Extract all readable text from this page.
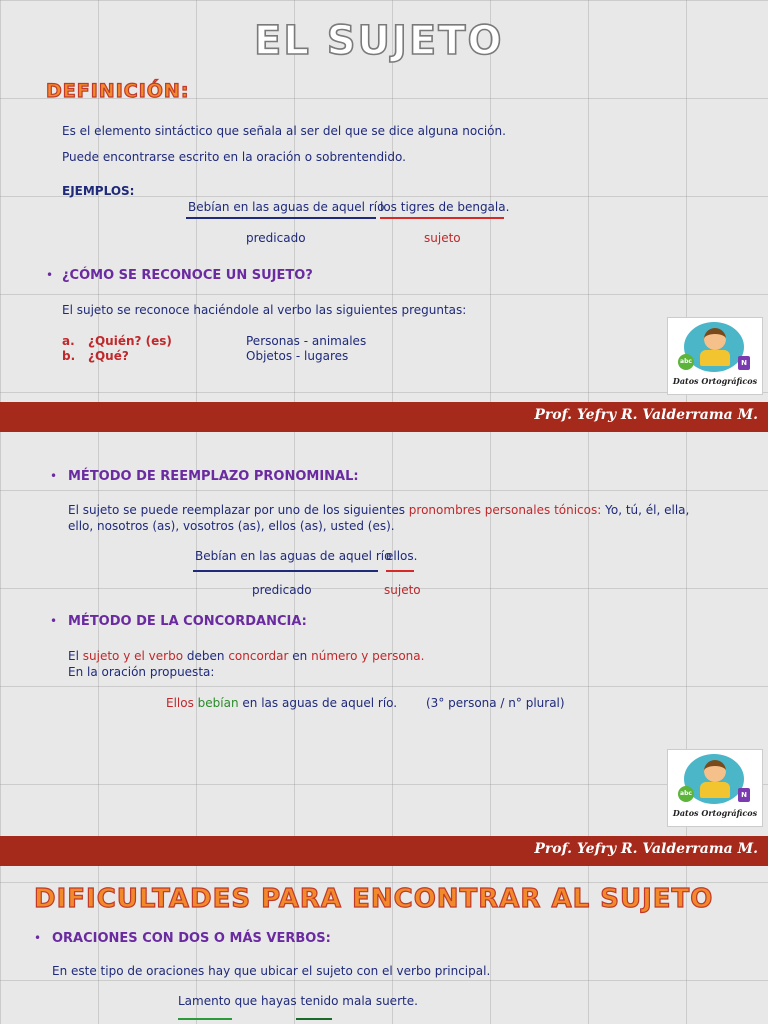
EL SUJETO
DEFINICIÓN:
Es el elemento sintáctico que señala al ser del que se dice alguna noción.
Puede encontrarse escrito en la oración o sobrentendido.
EJEMPLOS:
Bebían en las aguas de aquel río
los tigres de bengala.
predicado	sujeto
• ¿CÓMO SE RECONOCE UN SUJETO?
El sujeto se reconoce haciéndole al verbo las siguientes preguntas:
a. ¿Quién? (es)	Personas - animales
b. ¿Qué?	Objetos - lugares	abc	N
Datos Ortográficos
Prof. Yefry R. Valderrama M.
• MÉTODO DE REEMPLAZO PRONOMINAL:
El sujeto se puede reemplazar por uno de los siguientes pronombres personales tónicos: Yo, tú, él, ella,
ello, nosotros (as), vosotros (as), ellos (as), usted (es).
Bebían en las aguas de aquel río
ellos.
predicado	sujeto
• MÉTODO DE LA CONCORDANCIA:
El sujeto y el verbo deben concordar en número y persona.
En la oración propuesta:
Ellos bebían en las aguas de aquel río. (3° persona / n° plural)
abc	N
Datos Ortográficos
Prof. Yefry R. Valderrama M.
DIFICULTADES PARA ENCONTRAR AL SUJETO
• ORACIONES CON DOS O MÁS VERBOS:
En este tipo de oraciones hay que ubicar el sujeto con el verbo principal.
Lamento que hayas tenido mala suerte.
